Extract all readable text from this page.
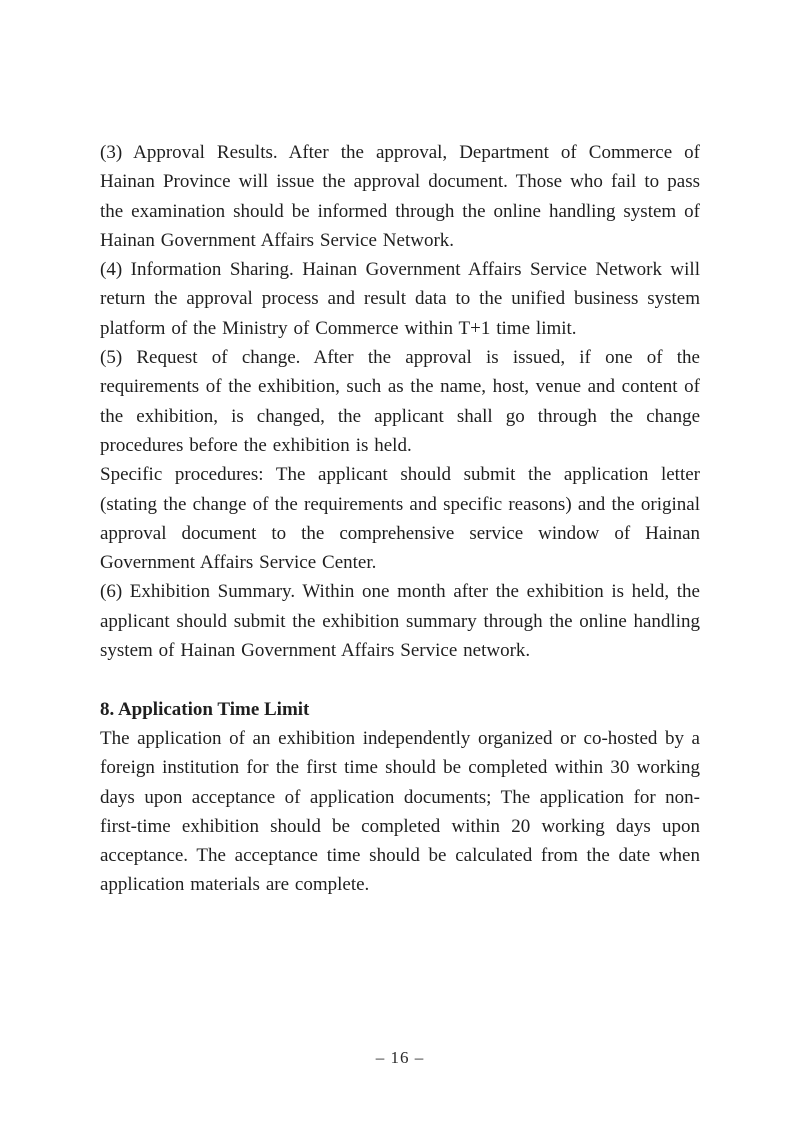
(3) Approval Results. After the approval, Department of Commerce of Hainan Province will issue the approval document. Those who fail to pass the examination should be informed through the online handling system of Hainan Government Affairs Service Network.

(4) Information Sharing. Hainan Government Affairs Service Network will return the approval process and result data to the unified business system platform of the Ministry of Commerce within T+1 time limit.

(5) Request of change. After the approval is issued, if one of the requirements of the exhibition, such as the name, host, venue and content of the exhibition, is changed, the applicant shall go through the change procedures before the exhibition is held.

Specific procedures: The applicant should submit the application letter (stating the change of the requirements and specific reasons) and the original approval document to the comprehensive service window of Hainan Government Affairs Service Center.

(6) Exhibition Summary. Within one month after the exhibition is held, the applicant should submit the exhibition summary through the online handling system of Hainan Government Affairs Service network.

8. Application Time Limit

The application of an exhibition independently organized or co-hosted by a foreign institution for the first time should be completed within 30 working days upon acceptance of application documents; The application for non-first-time exhibition should be completed within 20 working days upon acceptance. The acceptance time should be calculated from the date when application materials are complete.

– 16 –
